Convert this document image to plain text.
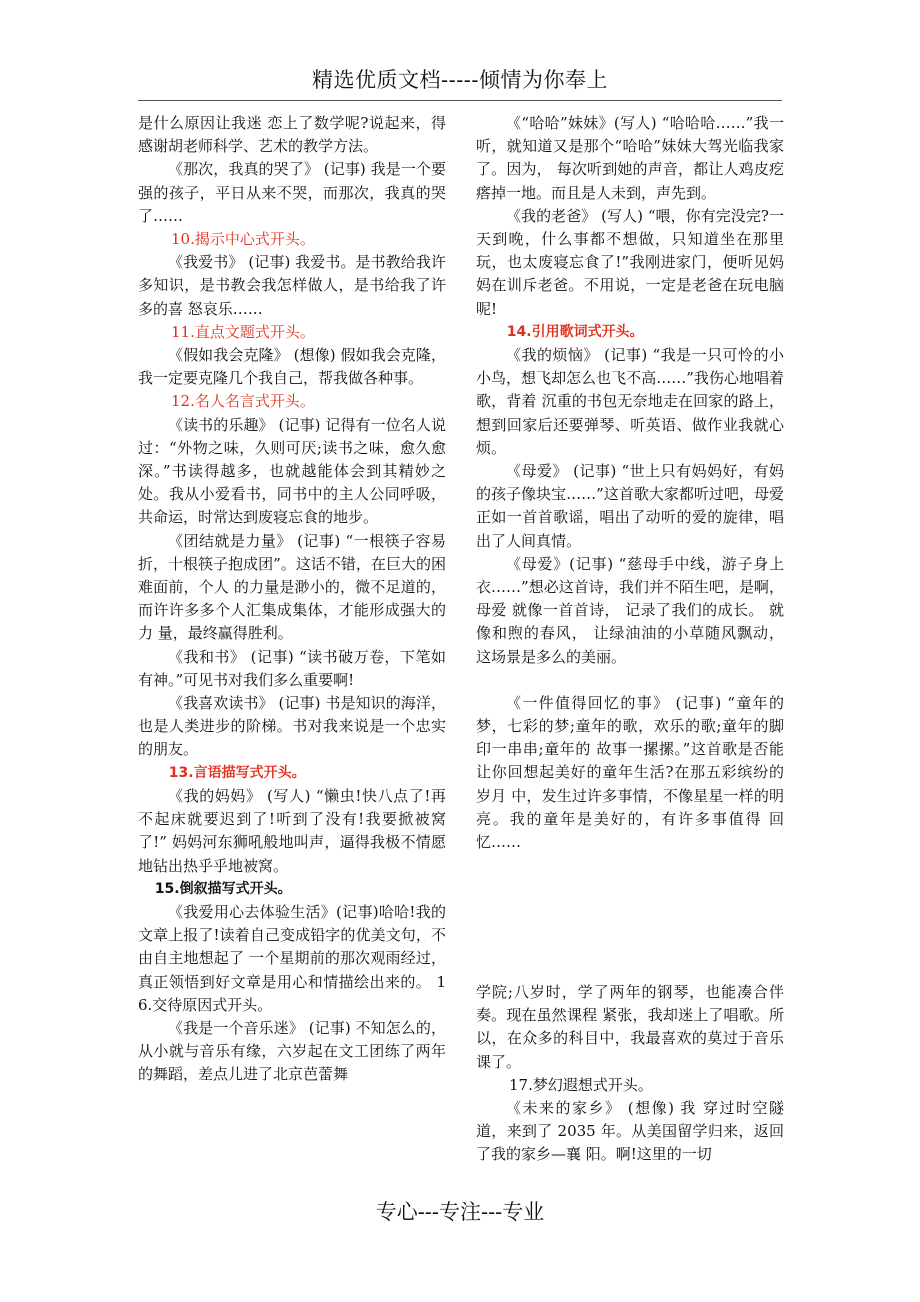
精选优质文档-----倾情为你奉上

是什么原因让我迷 恋上了数学呢?说起来，得感谢胡老师科学、艺术的教学方法。

《那次，我真的哭了》 (记事) 我是一个要强的孩子，平日从来不哭，而那次，我真的哭了……

10.揭示中心式开头。

《我爱书》 (记事) 我爱书。是书教给我许多知识，是书教会我怎样做人，是书给我了许多的喜 怒哀乐……

11.直点文题式开头。

《假如我会克隆》 (想像) 假如我会克隆，我一定要克隆几个我自己，帮我做各种事。

12.名人名言式开头。

《读书的乐趣》 (记事) 记得有一位名人说过：“外物之味，久则可厌;读书之味，愈久愈深。”书读得越多，也就越能体会到其精妙之处。我从小爱看书，同书中的主人公同呼吸， 共命运，时常达到废寝忘食的地步。

《团结就是力量》 (记事) “一根筷子容易折，十根筷子抱成团”。这话不错，在巨大的困难面前，个人 的力量是渺小的，微不足道的，而许许多多个人汇集成集体，才能形成强大的力 量，最终赢得胜利。

《我和书》 (记事) “读书破万卷，下笔如有神。”可见书对我们多么重要啊!

《我喜欢读书》 (记事) 书是知识的海洋，也是人类进步的阶梯。书对我来说是一个忠实的朋友。

13.言语描写式开头。

《我的妈妈》 (写人) “懒虫!快八点了!再不起床就要迟到了!听到了没有!我要掀被窝了!” 妈妈河东狮吼般地叫声，逼得我极不情愿地钻出热乎乎地被窝。

15.倒叙描写式开头。

《我爱用心去体验生活》(记事)哈哈!我的文章上报了!读着自己变成铅字的优美文句，不由自主地想起了 一个星期前的那次观雨经过，真正领悟到好文章是用心和情描绘出来的。 16.交待原因式开头。

《我是一个音乐迷》 (记事) 不知怎么的，从小就与音乐有缘，六岁起在文工团练了两年的舞蹈，差点儿进了北京芭蕾舞

《“哈哈”妹妹》(写人) “哈哈哈……”我一听，就知道又是那个“哈哈”妹妹大驾光临我家了。因为， 每次听到她的声音，都让人鸡皮疙瘩掉一地。而且是人未到，声先到。

《我的老爸》 (写人) “喂，你有完没完?一天到晚，什么事都不想做，只知道坐在那里玩，也太废寝忘食了!”我刚进家门，便听见妈妈在训斥老爸。不用说，一定是老爸在玩电脑呢!

14.引用歌词式开头。

《我的烦恼》 (记事) “我是一只可怜的小小鸟，想飞却怎么也飞不高……”我伤心地唱着歌，背着 沉重的书包无奈地走在回家的路上，想到回家后还要弹琴、听英语、做作业我就心烦。

《母爱》 (记事) “世上只有妈妈好，有妈的孩子像块宝……”这首歌大家都听过吧，母爱正如一首首歌谣，唱出了动听的爱的旋律，唱出了人间真情。

《母爱》(记事) “慈母手中线，游子身上衣……”想必这首诗，我们并不陌生吧，是啊，母爱 就像一首首诗， 记录了我们的成长。 就像和煦的春风， 让绿油油的小草随风飘动， 这场景是多么的美丽。

《一件值得回忆的事》 (记事) “童年的梦，七彩的梦;童年的歌，欢乐的歌;童年的脚印一串串;童年的 故事一摞摞。”这首歌是否能让你回想起美好的童年生活?在那五彩缤纷的岁月 中，发生过许多事情，不像星星一样的明亮。我的童年是美好的，有许多事值得 回忆……

学院;八岁时，学了两年的钢琴，也能凑合伴奏。现在虽然课程 紧张，我却迷上了唱歌。所以，在众多的科目中，我最喜欢的莫过于音乐课了。

17.梦幻遐想式开头。

《未来的家乡》 (想像) 我 穿过时空隧道，来到了 2035 年。从美国留学归来，返回了我的家乡—襄 阳。啊!这里的一切

专心---专注---专业
